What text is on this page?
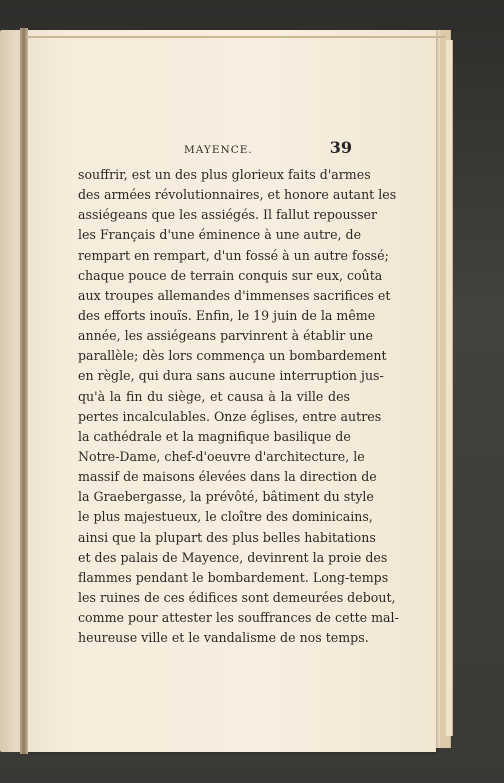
MAYENCE.	39
souffrir, est un des plus glorieux faits d'armes
des armées révolutionnaires, et honore autant les
assiégeans que les assiégés. Il fallut repousser
les Français d'une éminence à une autre, de
rempart en rempart, d'un fossé à un autre fossé;
chaque pouce de terrain conquis sur eux, coûta
aux troupes allemandes d'immenses sacrifices et
des efforts inouïs. Enfin, le 19 juin de la même
année, les assiégeans parvinrent à établir une
parallèle; dès lors commença un bombardement
en règle, qui dura sans aucune interruption jus-
qu'à la fin du siège, et causa à la ville des
pertes incalculables. Onze églises, entre autres
la cathédrale et la magnifique basilique de
Notre-Dame, chef-d'oeuvre d'architecture, le
massif de maisons élevées dans la direction de
la Graebergasse, la prévôté, bâtiment du style
le plus majestueux, le cloître des dominicains,
ainsi que la plupart des plus belles habitations
et des palais de Mayence, devinrent la proie des
flammes pendant le bombardement. Long-temps
les ruines de ces édifices sont demeurées debout,
comme pour attester les souffrances de cette mal-
heureuse ville et le vandalisme de nos temps.
